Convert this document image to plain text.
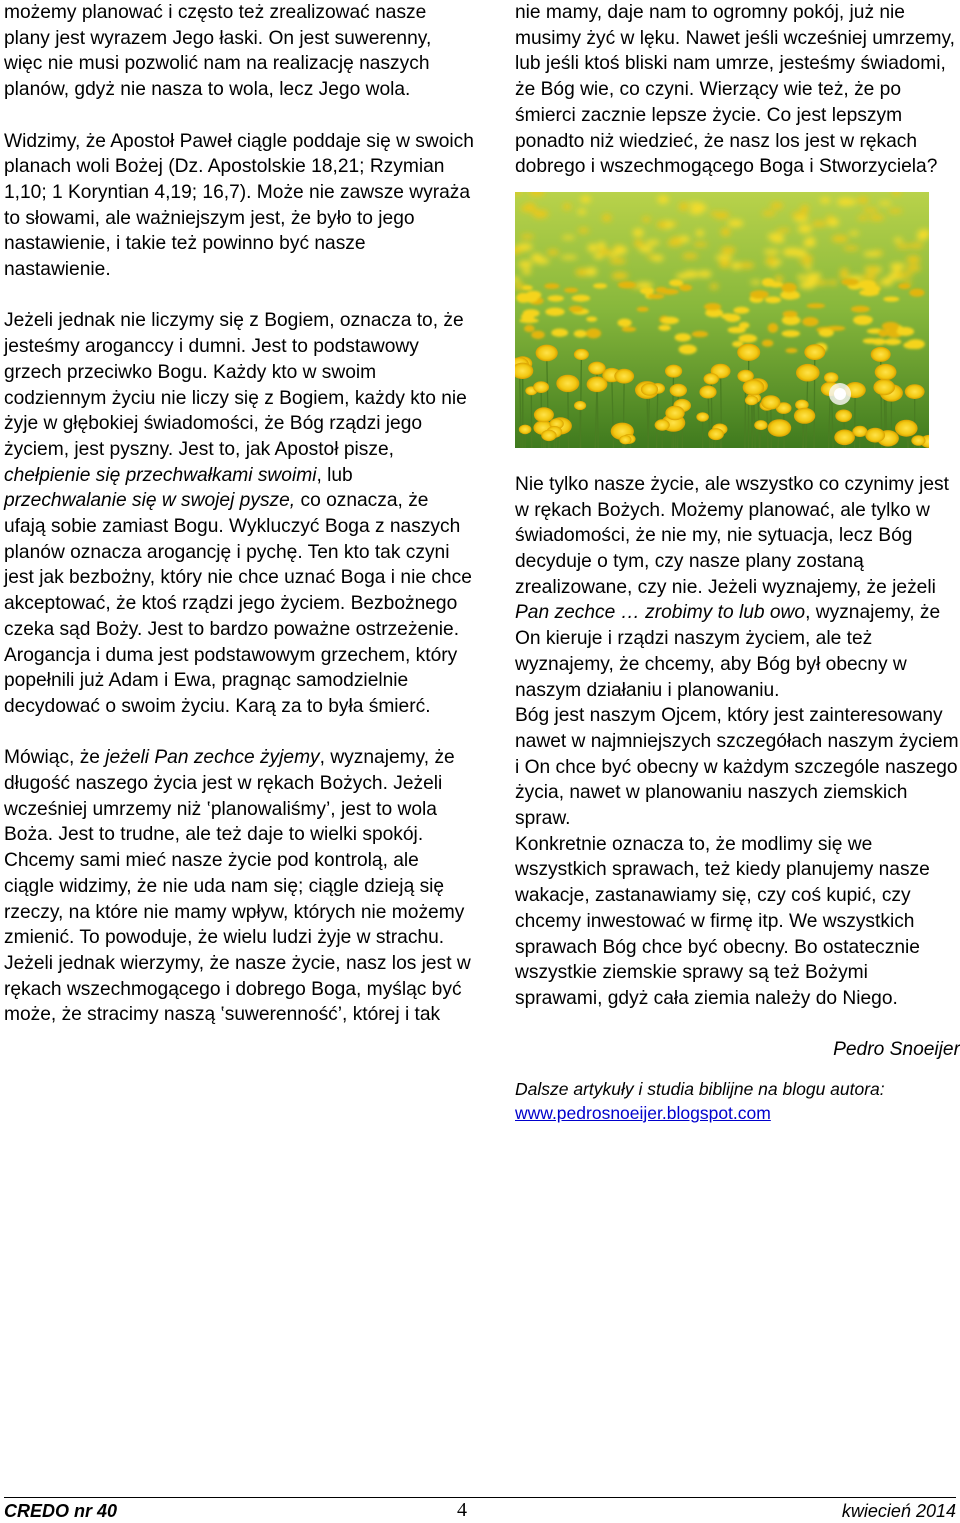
możemy planować i często też zrealizować nasze plany jest wyrazem Jego łaski. On jest suwerenny, więc nie musi pozwolić nam na realizację naszych planów, gdyż nie nasza to wola, lecz Jego wola.

Widzimy, że Apostoł Paweł ciągle poddaje się w swoich planach woli Bożej (Dz. Apostolskie 18,21; Rzymian 1,10; 1 Koryntian 4,19; 16,7). Może nie zawsze wyraża to słowami, ale ważniejszym jest, że było to jego nastawienie, i takie też powinno być nasze nastawienie.

Jeżeli jednak nie liczymy się z Bogiem, oznacza to, że jesteśmy aroganccy i dumni. Jest to podstawowy grzech przeciwko Bogu. Każdy kto w swoim codziennym życiu nie liczy się z Bogiem, każdy kto nie żyje w głębokiej świadomości, że Bóg rządzi jego życiem, jest pyszny. Jest to, jak Apostoł pisze, chełpienie się przechwałkami swoimi, lub przechwalanie się w swojej pysze, co oznacza, że ufają sobie zamiast Bogu. Wykluczyć Boga z naszych planów oznacza arogancję i pychę. Ten kto tak czyni jest jak bezbożny, który nie chce uznać Boga i nie chce akceptować, że ktoś rządzi jego życiem. Bezbożnego czeka sąd Boży. Jest to bardzo poważne ostrzeżenie. Arogancja i duma jest podstawowym grzechem, który popełnili już Adam i Ewa, pragnąc samodzielnie decydować o swoim życiu. Karą za to była śmierć.

Mówiąc, że jeżeli Pan zechce żyjemy, wyznajemy, że długość naszego życia jest w rękach Bożych. Jeżeli wcześniej umrzemy niż ‛planowaliśmy’, jest to wola Boża. Jest to trudne, ale też daje to wielki spokój.

Chcemy sami mieć nasze życie pod kontrolą, ale ciągle widzimy, że nie uda nam się; ciągle dzieją się rzeczy, na które nie mamy wpływ, których nie możemy zmienić. To powoduje, że wielu ludzi żyje w strachu. Jeżeli jednak wierzymy, że nasze życie, nasz los jest w rękach wszechmogącego i dobrego Boga, myśląc być może, że stracimy naszą ‛suwerenność’, której i tak

nie mamy, daje nam to ogromny pokój, już nie musimy żyć w lęku. Nawet jeśli wcześniej umrzemy, lub jeśli ktoś bliski nam umrze, jesteśmy świadomi, że Bóg wie, co czyni. Wierzący wie też, że po śmierci zacznie lepsze życie. Co jest lepszym ponadto niż wiedzieć, że nasz los jest w rękach dobrego i wszechmogącego Boga i Stworzyciela?

Nie tylko nasze życie, ale wszystko co czynimy jest w rękach Bożych. Możemy planować, ale tylko w świadomości, że nie my, nie sytuacja, lecz Bóg decyduje o tym, czy nasze plany zostaną zrealizowane, czy nie. Jeżeli wyznajemy, że jeżeli Pan zechce … zrobimy to lub owo, wyznajemy, że On kieruje i rządzi naszym życiem, ale też wyznajemy, że chcemy, aby Bóg był obecny w naszym działaniu i planowaniu.

Bóg jest naszym Ojcem, który jest zainteresowany nawet w najmniejszych szczegółach naszym życiem i On chce być obecny w każdym szczególe naszego życia, nawet w planowaniu naszych ziemskich spraw.

Konkretnie oznacza to, że modlimy się we wszystkich sprawach, też kiedy planujemy nasze wakacje, zastanawiamy się, czy coś kupić, czy chcemy inwestować w firmę itp. We wszystkich sprawach Bóg chce być obecny. Bo ostatecznie wszystkie ziemskie sprawy są też Bożymi sprawami, gdyż cała ziemia należy do Niego.

Pedro Snoeijer
Dalsze artykuły i studia biblijne na blogu autora:
www.pedrosnoeijer.blogspot.com
CREDO nr 40	4	kwiecień 2014
